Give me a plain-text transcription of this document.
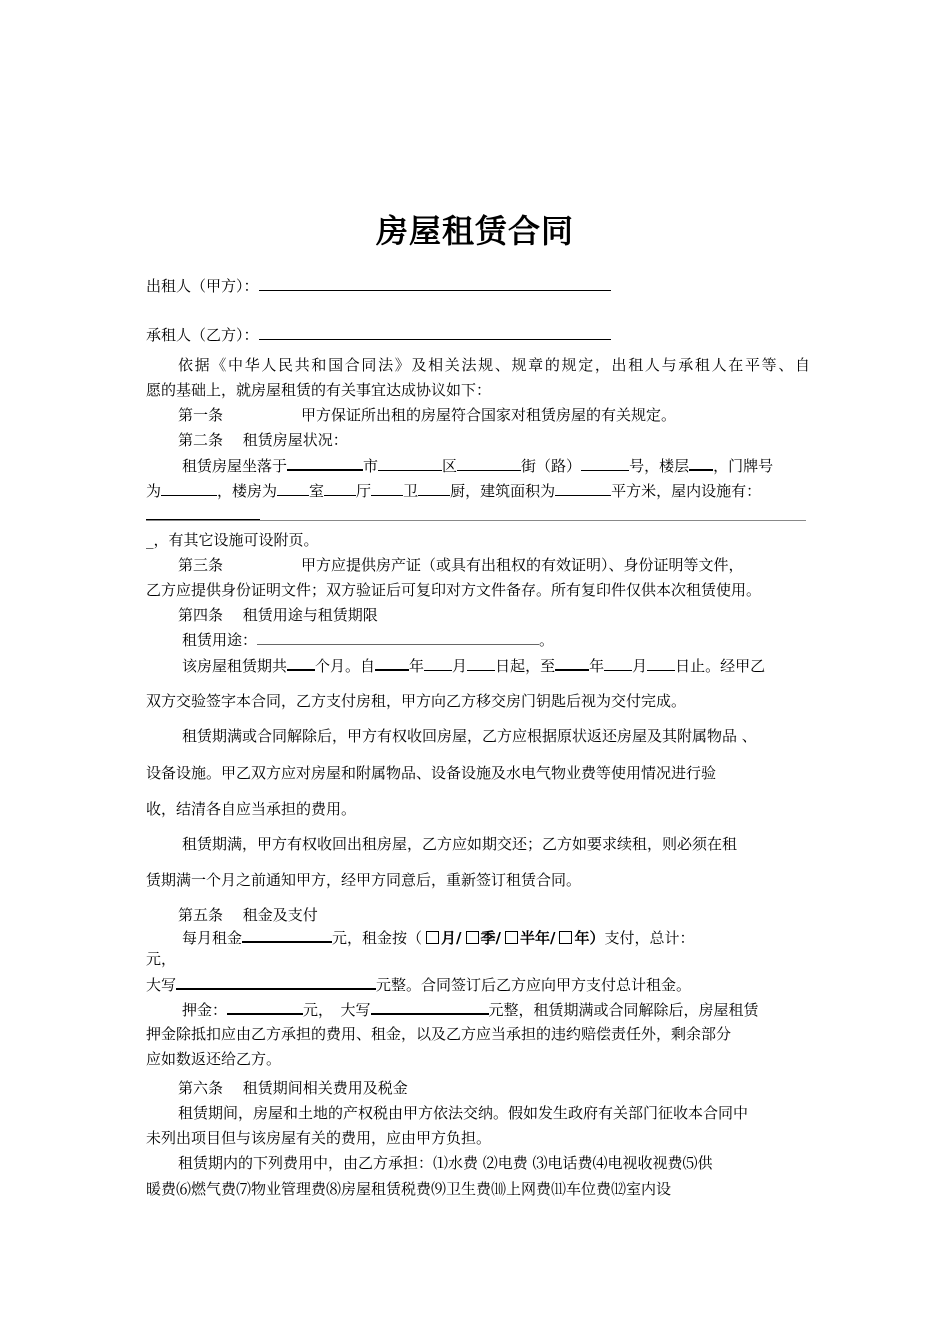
房屋租赁合同
出租人（甲方）：
承租人（乙方）：
依据《中华人民共和国合同法》及相关法规、规章的规定，出租人与承租人在平等、自
愿的基础上，就房屋租赁的有关事宜达成协议如下：
第一条	甲方保证所出租的房屋符合国家对租赁房屋的有关规定。
第二条　 租赁房屋状况：
租赁房屋坐落于	市	区	街（路）	号，楼层 ，门牌号
为	，楼房为 室 厅 卫 厨，建筑面积为	平方米，屋内设施有：
_，有其它设施可设附页。
第三条	甲方应提供房产证（或具有出租权的有效证明）、身份证明等文件，
乙方应提供身份证明文件；双方验证后可复印对方文件备存。所有复印件仅供本次租赁使用。
第四条　 租赁用途与租赁期限
租赁用途：	。
该房屋租赁期共 个月。自 年 月 日起，至 年 月 日止。经甲乙
双方交验签字本合同，乙方支付房租，甲方向乙方移交房门钥匙后视为交付完成。
租赁期满或合同解除后，甲方有权收回房屋，乙方应根据原状返还房屋及其附属物品 、
设备设施。甲乙双方应对房屋和附属物品、设备设施及水电气物业费等使用情况进行验
收，结清各自应当承担的费用。
租赁期满，甲方有权收回出租房屋，乙方应如期交还；乙方如要求续租，则必须在租
赁期满一个月之前通知甲方，经甲方同意后，重新签订租赁合同。
第五条　 租金及支付
每月租金	元，租金按（ 月/ 季/ 半年/ 年）支付，总计：
元，
大写	元整。合同签订后乙方应向甲方支付总计租金。
押金：	元，　大写	元整，租赁期满或合同解除后，房屋租赁
押金除抵扣应由乙方承担的费用、租金，以及乙方应当承担的违约赔偿责任外，剩余部分
应如数返还给乙方。
第六条　 租赁期间相关费用及税金
租赁期间，房屋和土地的产权税由甲方依法交纳。假如发生政府有关部门征收本合同中
未列出项目但与该房屋有关的费用，应由甲方负担。
租赁期内的下列费用中，由乙方承担：⑴水费 ⑵电费 ⑶电话费⑷电视收视费⑸供
暖费⑹燃气费⑺物业管理费⑻房屋租赁税费⑼卫生费⑽上网费⑾车位费⑿室内设
